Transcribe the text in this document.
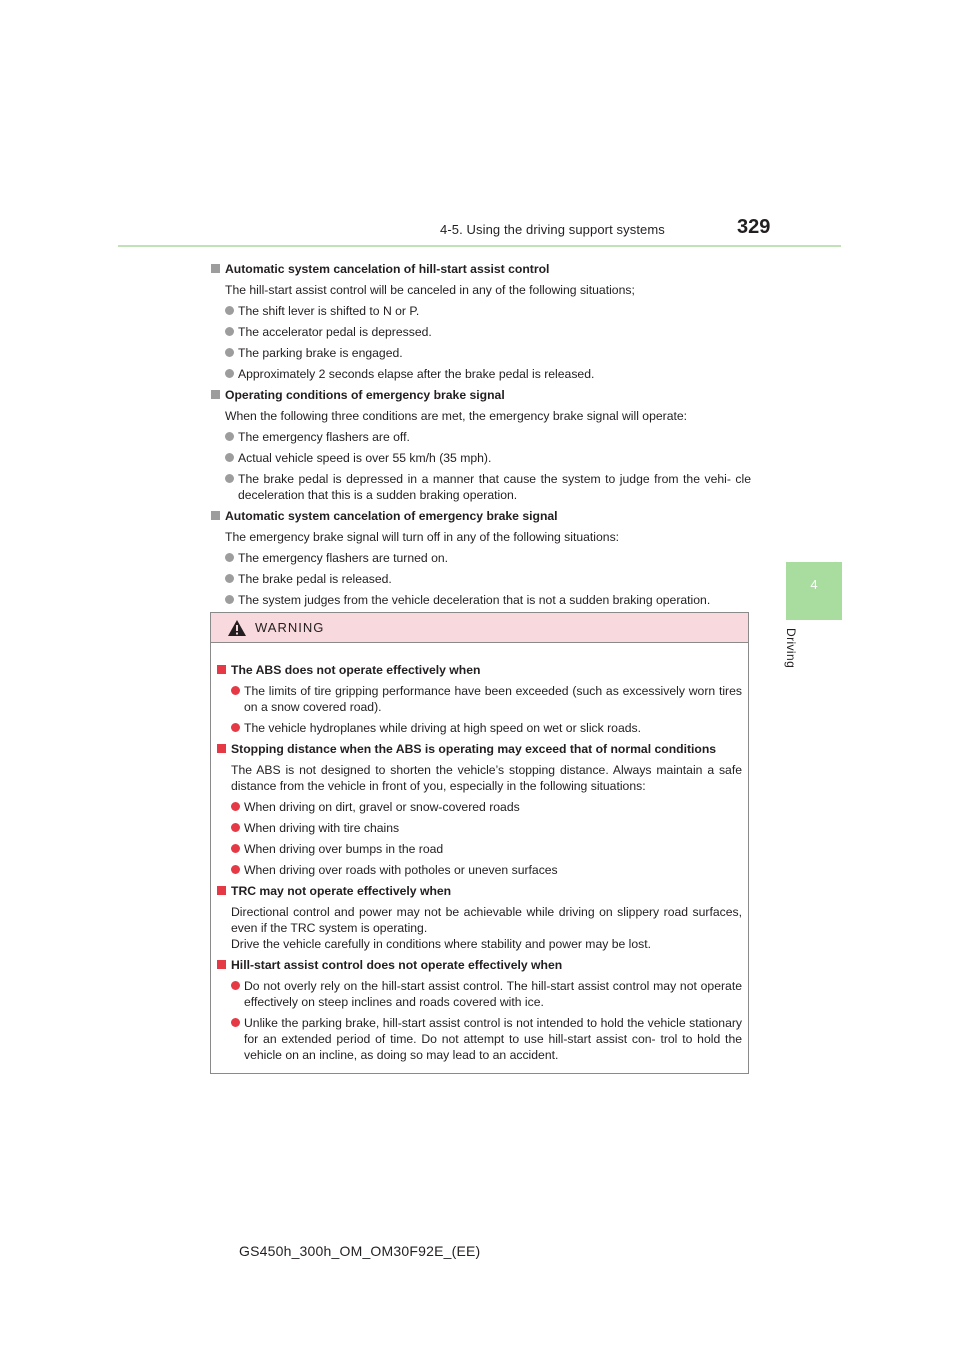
4-5. Using the driving support systems	329
4
Driving
Automatic system cancelation of hill-start assist control
The hill-start assist control will be canceled in any of the following situations;
The shift lever is shifted to N or P.
The accelerator pedal is depressed.
The parking brake is engaged.
Approximately 2 seconds elapse after the brake pedal is released.
Operating conditions of emergency brake signal
When the following three conditions are met, the emergency brake signal will operate:
The emergency flashers are off.
Actual vehicle speed is over 55 km/h (35 mph).
The brake pedal is depressed in a manner that cause the system to judge from the vehi- cle deceleration that this is a sudden braking operation.
Automatic system cancelation of emergency brake signal
The emergency brake signal will turn off in any of the following situations:
The emergency flashers are turned on.
The brake pedal is released.
The system judges from the vehicle deceleration that is not a sudden braking operation.
WARNING
The ABS does not operate effectively when
The limits of tire gripping performance have been exceeded (such as excessively worn tires on a snow covered road).
The vehicle hydroplanes while driving at high speed on wet or slick roads.
Stopping distance when the ABS is operating may exceed that of normal conditions
The ABS is not designed to shorten the vehicle’s stopping distance. Always maintain a safe distance from the vehicle in front of you, especially in the following situations:
When driving on dirt, gravel or snow-covered roads
When driving with tire chains
When driving over bumps in the road
When driving over roads with potholes or uneven surfaces
TRC may not operate effectively when
Directional control and power may not be achievable while driving on slippery road surfaces, even if the TRC system is operating.
Drive the vehicle carefully in conditions where stability and power may be lost.
Hill-start assist control does not operate effectively when
Do not overly rely on the hill-start assist control. The hill-start assist control may not operate effectively on steep inclines and roads covered with ice.
Unlike the parking brake, hill-start assist control is not intended to hold the vehicle stationary for an extended period of time. Do not attempt to use hill-start assist con- trol to hold the vehicle on an incline, as doing so may lead to an accident.
GS450h_300h_OM_OM30F92E_(EE)
